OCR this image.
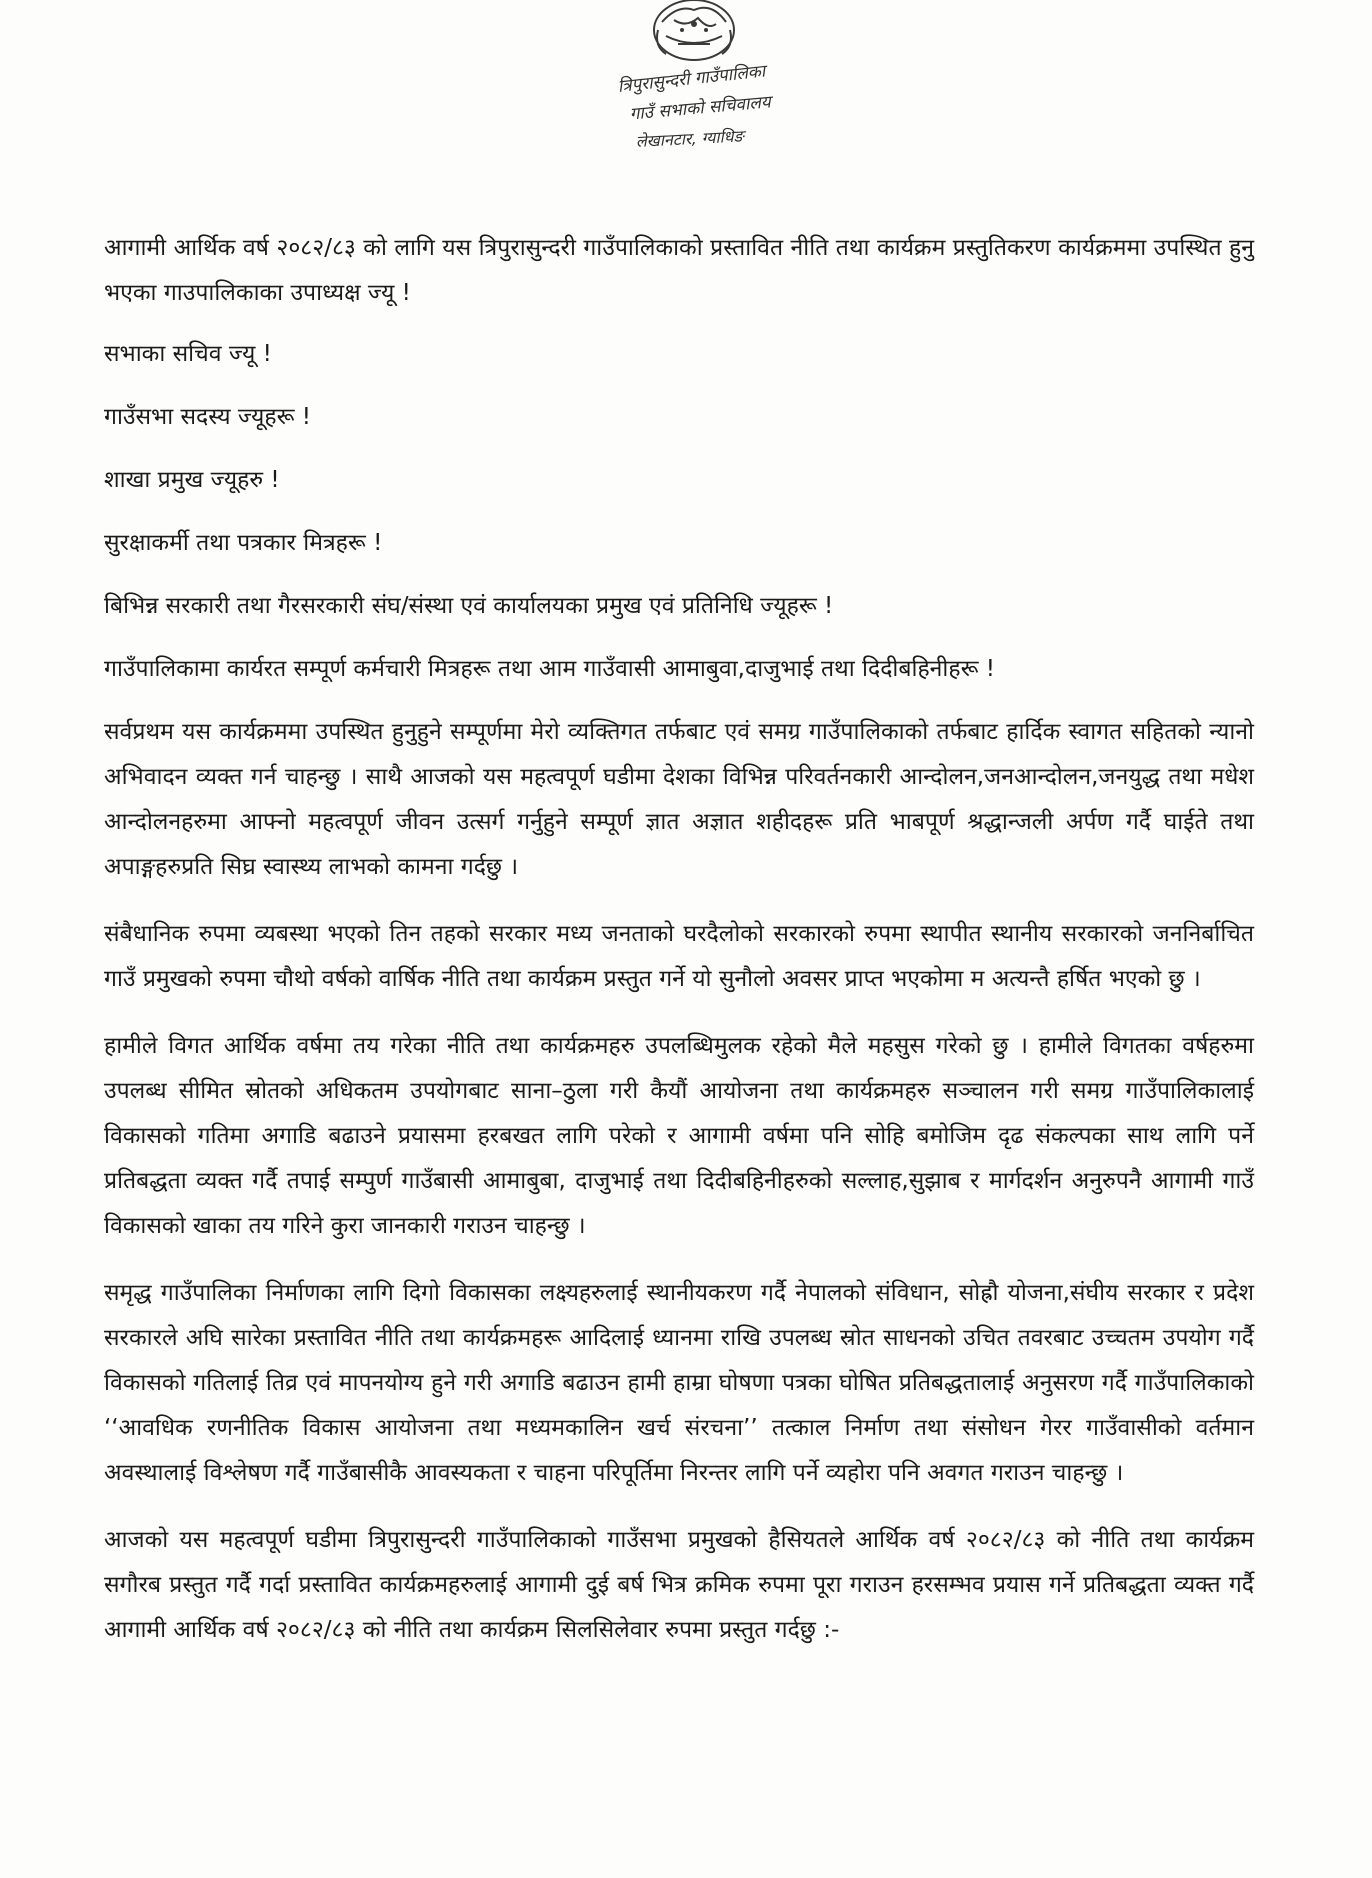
त्रिपुरासुन्दरी गाउँपालिका
गाउँ सभाको सचिवालय
लेखानटार, ग्याधिङ

आगामी आर्थिक वर्ष २०८२/८३ को लागि यस त्रिपुरासुन्दरी गाउँपालिकाको प्रस्तावित नीति तथा कार्यक्रम प्रस्तुतिकरण कार्यक्रममा उपस्थित हुनु भएका गाउपालिकाका उपाध्यक्ष ज्यू !

सभाका सचिव ज्यू !

गाउँसभा सदस्य ज्यूहरू !

शाखा प्रमुख ज्यूहरु !

सुरक्षाकर्मी तथा पत्रकार मित्रहरू !

बिभिन्न सरकारी तथा गैरसरकारी संघ/संस्था एवं कार्यालयका प्रमुख एवं प्रतिनिधि ज्यूहरू !

गाउँपालिकामा कार्यरत सम्पूर्ण कर्मचारी मित्रहरू तथा आम गाउँवासी आमाबुवा,दाजुभाई तथा दिदीबहिनीहरू !

सर्वप्रथम यस कार्यक्रममा उपस्थित हुनुहुने सम्पूर्णमा मेरो व्यक्तिगत तर्फबाट एवं समग्र गाउँपालिकाको तर्फबाट हार्दिक स्वागत सहितको न्यानो अभिवादन व्यक्त गर्न चाहन्छु । साथै आजको यस महत्वपूर्ण घडीमा देशका विभिन्न परिवर्तनकारी आन्दोलन,जनआन्दोलन,जनयुद्ध तथा मधेश आन्दोलनहरुमा आफ्नो महत्वपूर्ण जीवन उत्सर्ग गर्नुहुने सम्पूर्ण ज्ञात अज्ञात शहीदहरू प्रति भाबपूर्ण श्रद्धान्जली अर्पण गर्दै घाईते तथा अपाङ्गहरुप्रति सिघ्र स्वास्थ्य लाभको कामना गर्दछु ।

संबैधानिक रुपमा व्यबस्था भएको तिन तहको सरकार मध्य जनताको घरदैलोको सरकारको रुपमा स्थापीत स्थानीय सरकारको जननिर्बाचित गाउँ प्रमुखको रुपमा चौथो वर्षको वार्षिक नीति तथा कार्यक्रम प्रस्तुत गर्ने यो सुनौलो अवसर प्राप्त भएकोमा म अत्यन्तै हर्षित भएको छु ।

हामीले विगत आर्थिक वर्षमा तय गरेका नीति तथा कार्यक्रमहरु उपलब्धिमुलक रहेको मैले महसुस गरेको छु । हामीले विगतका वर्षहरुमा उपलब्ध सीमित स्रोतको अधिकतम उपयोगबाट साना–ठुला गरी कैयौं आयोजना तथा कार्यक्रमहरु सञ्चालन गरी समग्र गाउँपालिकालाई विकासको गतिमा अगाडि बढाउने प्रयासमा हरबखत लागि परेको र आगामी वर्षमा पनि सोहि बमोजिम दृढ संकल्पका साथ लागि पर्ने प्रतिबद्धता व्यक्त गर्दै तपाई सम्पुर्ण गाउँबासी आमाबुबा, दाजुभाई तथा दिदीबहिनीहरुको सल्लाह,सुझाब र मार्गदर्शन अनुरुपनै आगामी गाउँ विकासको खाका तय गरिने कुरा जानकारी गराउन चाहन्छु ।

समृद्ध गाउँपालिका निर्माणका लागि दिगो विकासका लक्ष्यहरुलाई स्थानीयकरण गर्दै नेपालको संविधान, सोह्रौ योजना,संघीय सरकार र प्रदेश सरकारले अघि सारेका प्रस्तावित नीति तथा कार्यक्रमहरू आदिलाई ध्यानमा राखि उपलब्ध स्रोत साधनको उचित तवरबाट उच्चतम उपयोग गर्दै विकासको गतिलाई तिव्र एवं मापनयोग्य हुने गरी अगाडि बढाउन हामी हाम्रा घोषणा पत्रका घोषित प्रतिबद्धतालाई अनुसरण गर्दै गाउँपालिकाको ‘‘आवधिक रणनीतिक विकास आयोजना तथा मध्यमकालिन खर्च संरचना’’ तत्काल निर्माण तथा संसोधन गेरर गाउँवासीको वर्तमान अवस्थालाई विश्लेषण गर्दै गाउँबासीकै आवस्यकता र चाहना परिपूर्तिमा निरन्तर लागि पर्ने व्यहोरा पनि अवगत गराउन चाहन्छु ।

आजको यस महत्वपूर्ण घडीमा त्रिपुरासुन्दरी गाउँपालिकाको गाउँसभा प्रमुखको हैसियतले आर्थिक वर्ष २०८२/८३ को नीति तथा कार्यक्रम सगौरब प्रस्तुत गर्दै गर्दा प्रस्तावित कार्यक्रमहरुलाई आगामी दुई बर्ष भित्र क्रमिक रुपमा पूरा गराउन हरसम्भव प्रयास गर्ने प्रतिबद्धता व्यक्त गर्दै आगामी आर्थिक वर्ष २०८२/८३ को नीति तथा कार्यक्रम सिलसिलेवार रुपमा प्रस्तुत गर्दछु :-
